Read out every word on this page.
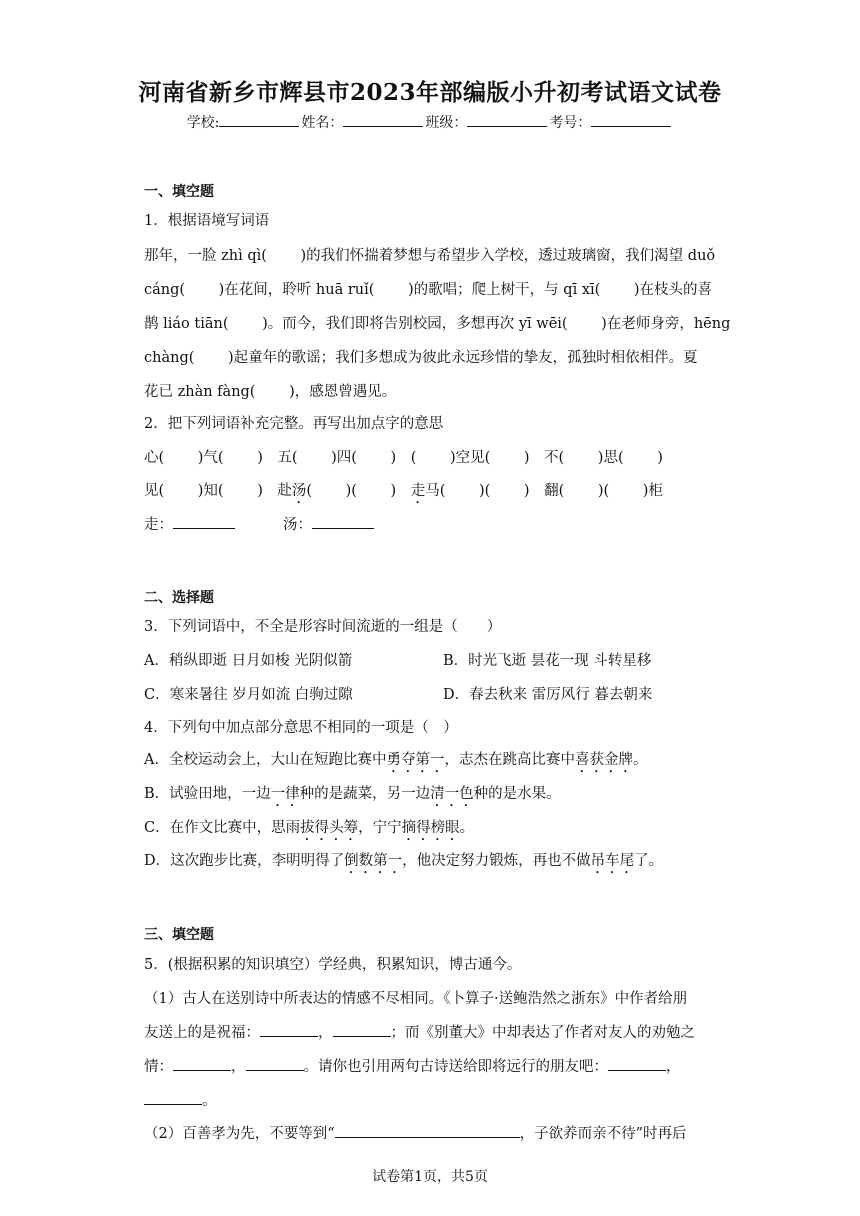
河南省新乡市辉县市2023年部编版小升初考试语文试卷
学校:	姓名：	班级：	考号：
一、填空题
1．根据语境写词语
那年，一脸 zhì qì(　　 )的我们怀揣着梦想与希望步入学校，透过玻璃窗，我们渴望 duǒ
cáng(　　 )在花间，聆听 huā ruǐ(　　 )的歌唱；爬上树干，与 qī xī(　　 )在枝头的喜
鹊 liáo tiān(　　 )。而今，我们即将告别校园，多想再次 yī wēi(　　 )在老师身旁，hēng
chàng(　　 )起童年的歌谣；我们多想成为彼此永远珍惜的挚友，孤独时相依相伴。夏
花已 zhàn fàng(　　 )，感恩曾遇见。
2．把下列词语补充完整。再写出加点字的意思
心(　　 )气(　　 )　五(　　 )四(　　 )　(　　 )空见(　　 )　不(　　 )思(　　 )
见(　　 )知(　　 )　赴汤(　　 )(　　 )　走马(　　 )(　　 )　翻(　　 )(　　 )柜
走：	汤：
二、选择题
3．下列词语中，不全是形容时间流逝的一组是（　　）
A．稍纵即逝 日月如梭 光阴似箭	B．时光飞逝 昙花一现 斗转星移
C．寒来暑往 岁月如流 白驹过隙	D．春去秋来 雷厉风行 暮去朝来
4．下列句中加点部分意思不相同的一项是（　）
A．全校运动会上，大山在短跑比赛中勇夺第一，志杰在跳高比赛中喜获金牌。
B．试验田地，一边一律种的是蔬菜，另一边清一色种的是水果。
C．在作文比赛中，思雨拔得头筹，宁宁摘得榜眼。
D．这次跑步比赛，李明明得了倒数第一，他决定努力锻炼，再也不做吊车尾了。
三、填空题
5．(根据积累的知识填空）学经典，积累知识，博古通今。
（1）古人在送别诗中所表达的情感不尽相同。《卜算子·送鲍浩然之浙东》中作者给朋
友送上的是祝福：	，	；而《别董大》中却表达了作者对友人的劝勉之
情：	，	。请你也引用两句古诗送给即将远行的朋友吧：	，
。
（2）百善孝为先，不要等到“	，子欲养而亲不待”时再后
试卷第1页，共5页
